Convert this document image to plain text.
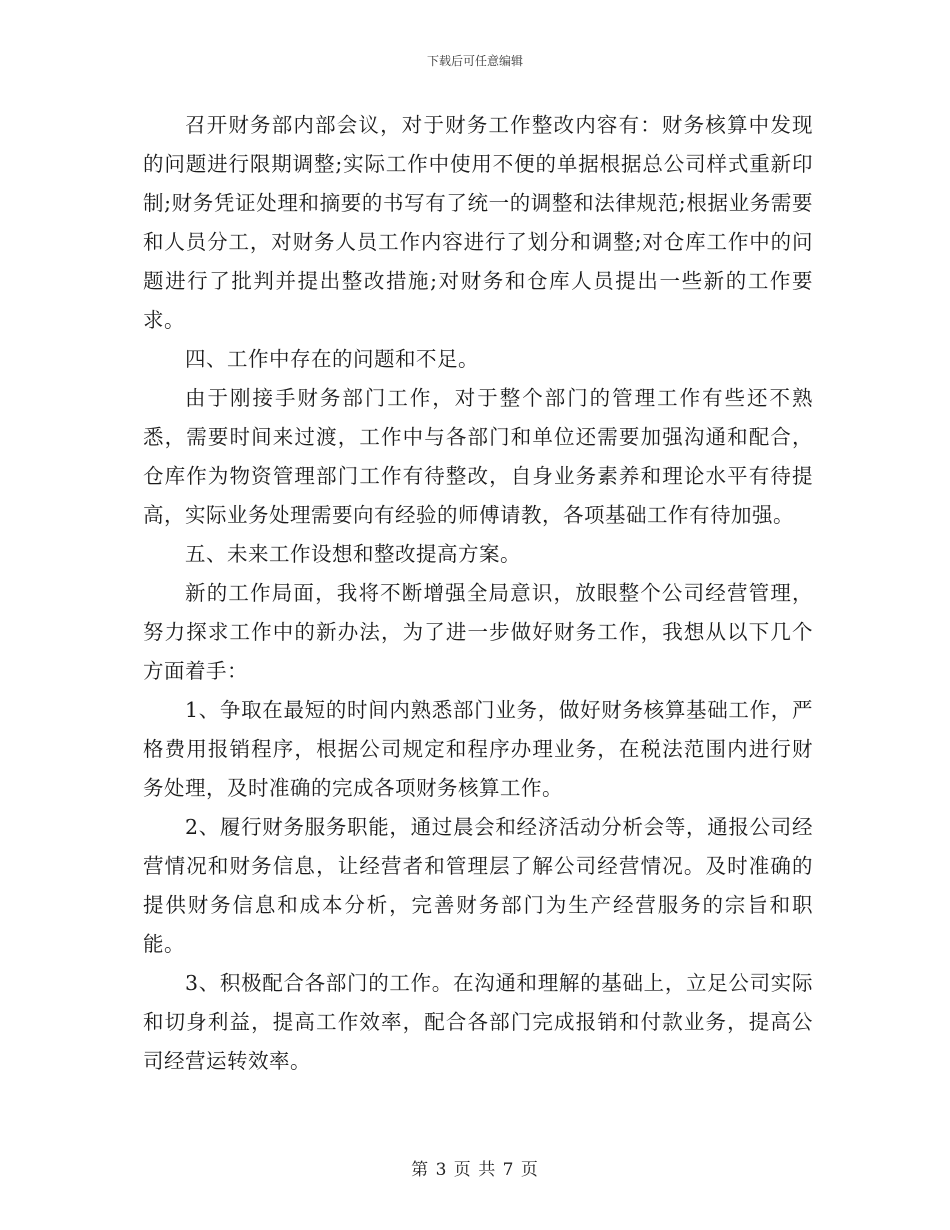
下载后可任意编辑

召开财务部内部会议，对于财务工作整改内容有：财务核算中发现的问题进行限期调整;实际工作中使用不便的单据根据总公司样式重新印制;财务凭证处理和摘要的书写有了统一的调整和法律规范;根据业务需要和人员分工，对财务人员工作内容进行了划分和调整;对仓库工作中的问题进行了批判并提出整改措施;对财务和仓库人员提出一些新的工作要求。

四、工作中存在的问题和不足。

由于刚接手财务部门工作，对于整个部门的管理工作有些还不熟悉，需要时间来过渡，工作中与各部门和单位还需要加强沟通和配合，仓库作为物资管理部门工作有待整改，自身业务素养和理论水平有待提高，实际业务处理需要向有经验的师傅请教，各项基础工作有待加强。

五、未来工作设想和整改提高方案。

新的工作局面，我将不断增强全局意识，放眼整个公司经营管理，努力探求工作中的新办法，为了进一步做好财务工作，我想从以下几个方面着手：

1、争取在最短的时间内熟悉部门业务，做好财务核算基础工作，严格费用报销程序，根据公司规定和程序办理业务，在税法范围内进行财务处理，及时准确的完成各项财务核算工作。

2、履行财务服务职能，通过晨会和经济活动分析会等，通报公司经营情况和财务信息，让经营者和管理层了解公司经营情况。及时准确的提供财务信息和成本分析，完善财务部门为生产经营服务的宗旨和职能。

3、积极配合各部门的工作。在沟通和理解的基础上，立足公司实际和切身利益，提高工作效率，配合各部门完成报销和付款业务，提高公司经营运转效率。

第 3 页 共 7 页
